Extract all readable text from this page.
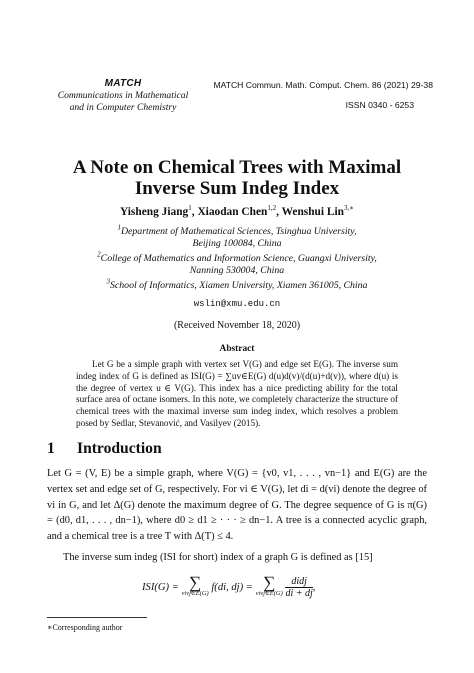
MATCH
Communications in Mathematical
and in Computer Chemistry
MATCH Commun. Math. Comput. Chem. 86 (2021) 29-38
ISSN 0340 - 6253
A Note on Chemical Trees with Maximal
Inverse Sum Indeg Index
Yisheng Jiang$^1$, Xiaodan Chen$^{1,2}$, Wenshui Lin$^{3,∗}$
$^1$Department of Mathematical Sciences, Tsinghua University,
Beijing 100084, China
$^2$College of Mathematics and Information Science, Guangxi University,
Nanning 530004, China
$^3$School of Informatics, Xiamen University, Xiamen 361005, China
wslin@xmu.edu.cn
(Received November 18, 2020)
Abstract
Let G be a simple graph with vertex set V(G) and edge set E(G). The inverse sum indeg index of G is defined as ISI(G) = ∑uv∈E(G) d(u)d(v)/(d(u)+d(v)), where d(u) is the degree of vertex u ∈ V(G). This index has a nice predicting ability for the total surface area of octane isomers. In this note, we completely characterize the structure of chemical trees with the maximal inverse sum indeg index, which resolves a problem posed by Sedlar, Stevanović, and Vasilyev (2015).
1 Introduction
Let G = (V, E) be a simple graph, where V(G) = {v0, v1, . . . , vn−1} and E(G) are the vertex set and edge set of G, respectively. For vi ∈ V(G), let di = d(vi) denote the degree of vi in G, and let Δ(G) denote the maximum degree of G. The degree sequence of G is π(G) = (d0, d1, . . . , dn−1), where d0 ≥ d1 ≥ · · · ≥ dn−1. A tree is a connected acyclic graph, and a chemical tree is a tree T with Δ(T) ≤ 4.
The inverse sum indeg (ISI for short) index of a graph G is defined as [15]
ISI(G) = ∑
vivj∈E(G) f(di, dj) = ∑
vivj∈E(G)
$\frac{\text{didj}}{di + dj}$,
∗Corresponding author
